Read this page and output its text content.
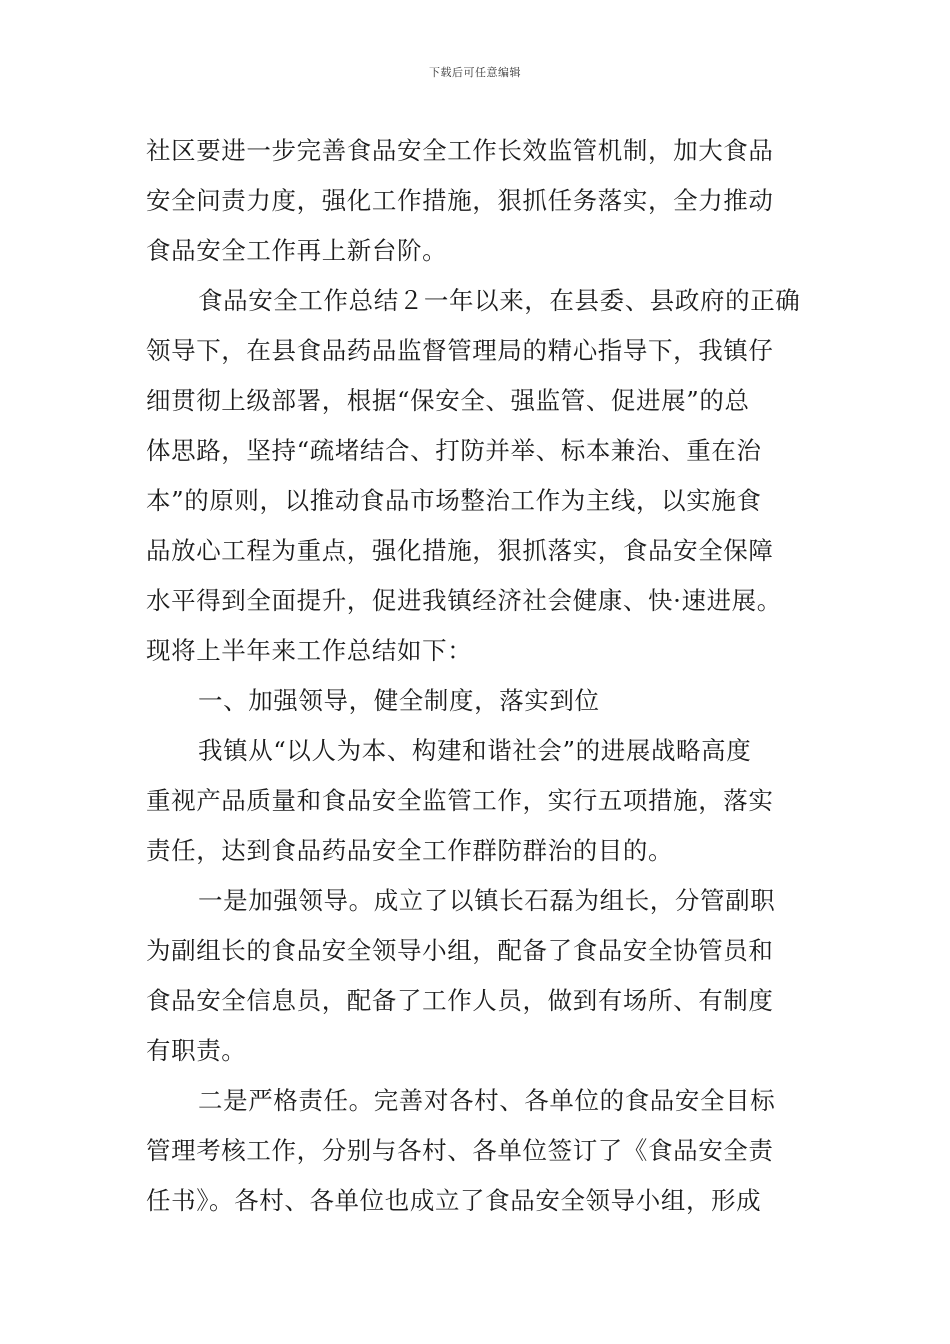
下载后可任意编辑
社区要进一步完善食品安全工作长效监管机制，加大食品
安全问责力度，强化工作措施，狠抓任务落实，全力推动
食品安全工作再上新台阶。
食品安全工作总结２一年以来，在县委、县政府的正确
领导下，在县食品药品监督管理局的精心指导下，我镇仔
细贯彻上级部署，根据“保安全、强监管、促进展”的总
体思路，坚持“疏堵结合、打防并举、标本兼治、重在治
本”的原则，以推动食品市场整治工作为主线，以实施食
品放心工程为重点，强化措施，狠抓落实，食品安全保障
水平得到全面提升，促进我镇经济社会健康、快·速进展。
现将上半年来工作总结如下：
一、加强领导，健全制度，落实到位
我镇从“以人为本、构建和谐社会”的进展战略高度
重视产品质量和食品安全监管工作，实行五项措施，落实
责任，达到食品药品安全工作群防群治的目的。
一是加强领导。成立了以镇长石磊为组长，分管副职
为副组长的食品安全领导小组，配备了食品安全协管员和
食品安全信息员，配备了工作人员，做到有场所、有制度
有职责。
二是严格责任。完善对各村、各单位的食品安全目标
管理考核工作，分别与各村、各单位签订了《食品安全责
任书》。各村、各单位也成立了食品安全领导小组，形成
